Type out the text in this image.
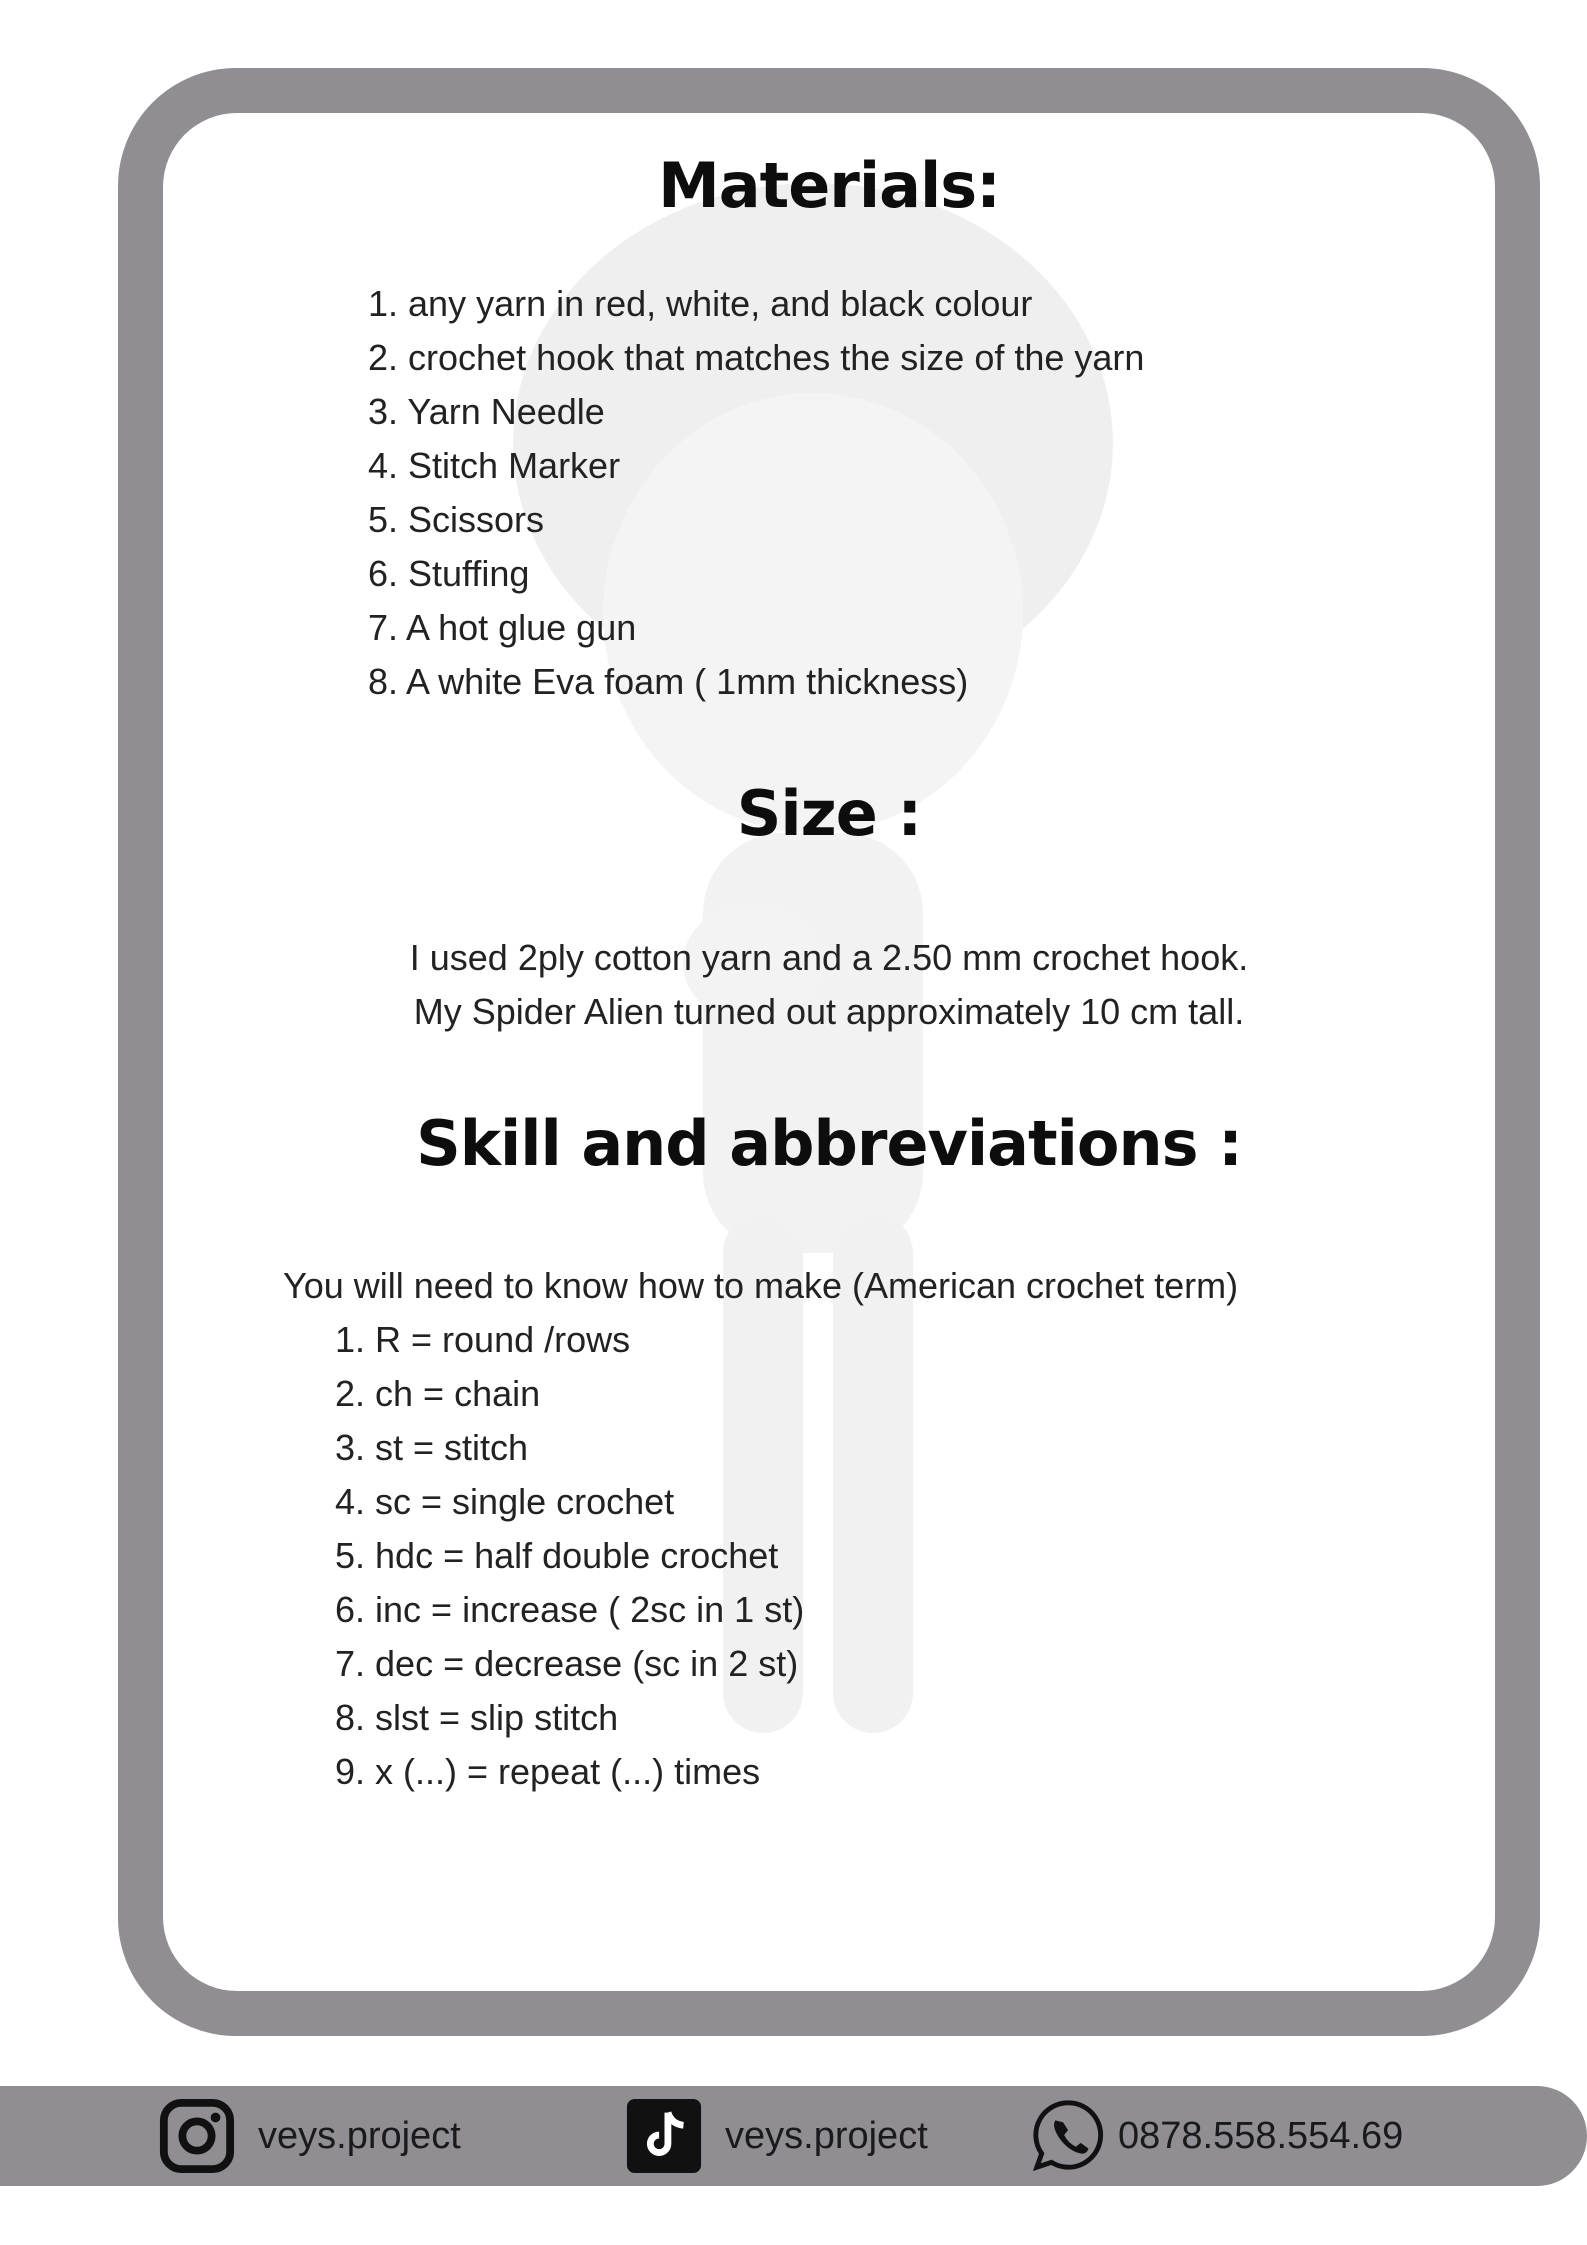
Materials:
1. any yarn in red, white, and black colour
2. crochet hook that matches the size of the yarn
3. Yarn Needle
4. Stitch Marker
5. Scissors
6. Stuffing
7. A hot glue gun
8. A white Eva foam ( 1mm thickness)
Size :

I used 2ply cotton yarn and a 2.50 mm crochet hook.

My Spider Alien turned out approximately 10 cm tall.

Skill and abbreviations :

You will need to know how to make (American crochet term)

1. R = round /rows
2. ch = chain
3. st = stitch
4. sc = single crochet
5. hdc = half double crochet
6. inc = increase ( 2sc in 1 st)
7. dec = decrease (sc in 2 st)
8. slst = slip stitch
9. x (...) = repeat (...) times
veys.project	veys.project	0878.558.554.69
